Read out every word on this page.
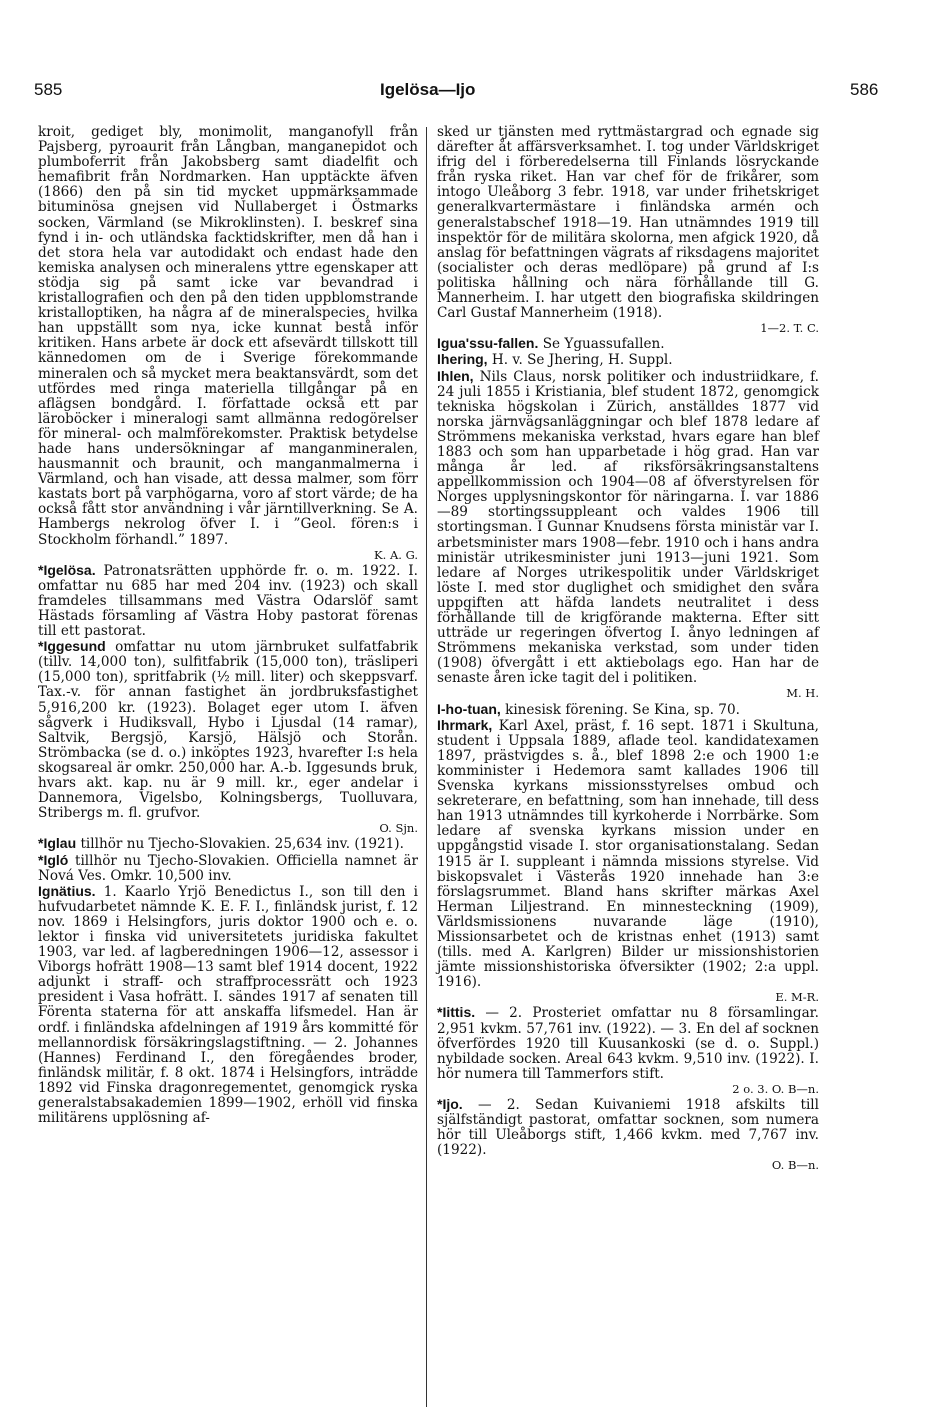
585	Igelösa—Ijo	586

kroit, gediget bly, monimolit, manganofyll från Pajsberg, pyroaurit från Långban, manganepidot och plumboferrit från Jakobsberg samt diadelfit och hemafibrit från Nordmarken. Han upptäckte äfven (1866) den på sin tid mycket uppmärksammade bituminösa gnejsen vid Nullaberget i Östmarks socken, Värmland (se Mikroklinsten). I. beskref sina fynd i in- och utländska facktidskrifter, men då han i det stora hela var autodidakt och endast hade den kemiska analysen och mineralens yttre egenskaper att stödja sig på samt icke var bevandrad i kristallografien och den på den tiden uppblomstrande kristalloptiken, ha några af de mineralspecies, hvilka han uppställt som nya, icke kunnat bestå inför kritiken. Hans arbete är dock ett afsevärdt tillskott till kännedomen om de i Sverige förekommande mineralen och så mycket mera beaktansvärdt, som det utfördes med ringa materiella tillgångar på en aflägsen bondgård. I. författade också ett par läroböcker i mineralogi samt allmänna redogörelser för mineral- och malmförekomster. Praktisk betydelse hade hans undersökningar af manganmineralen, hausmannit och braunit, och manganmalmerna i Värmland, och han visade, att dessa malmer, som förr kastats bort på varphögarna, voro af stort värde; de ha också fått stor användning i vår järntillverkning. Se A. Hambergs nekrolog öfver I. i ”Geol. fören:s i Stockholm förhandl.” 1897.
K. A. G.

*Igelösa. Patronatsrätten upphörde fr. o. m. 1922. I. omfattar nu 685 har med 204 inv. (1923) och skall framdeles tillsammans med Västra Odarslöf samt Hästads församling af Västra Hoby pastorat förenas till ett pastorat.

*Iggesund omfattar nu utom järnbruket sulfatfabrik (tillv. 14,000 ton), sulfitfabrik (15,000 ton), träsliperi (15,000 ton), spritfabrik (½ mill. liter) och skeppsvarf. Tax.-v. för annan fastighet än jordbruksfastighet 5,916,200 kr. (1923). Bolaget eger utom I. äfven sågverk i Hudiksvall, Hybo i Ljusdal (14 ramar), Saltvik, Bergsjö, Karsjö, Hälsjö och Storån. Strömbacka (se d. o.) inköptes 1923, hvarefter I:s hela skogsareal är omkr. 250,000 har. A.-b. Iggesunds bruk, hvars akt. kap. nu är 9 mill. kr., eger andelar i Dannemora, Vigelsbo, Kolningsbergs, Tuolluvara, Stribergs m. fl. grufvor.
O. Sjn.

*Iglau tillhör nu Tjecho-Slovakien. 25,634 inv. (1921).

*Igló tillhör nu Tjecho-Slovakien. Officiella namnet är Nová Ves. Omkr. 10,500 inv.

Ignätius. 1. Kaarlo Yrjö Benedictus I., son till den i hufvudarbetet nämnde K. E. F. I., finländsk jurist, f. 12 nov. 1869 i Helsingfors, juris doktor 1900 och e. o. lektor i finska vid universitetets juridiska fakultet 1903, var led. af lagberedningen 1906—12, assessor i Viborgs hofrätt 1908—13 samt blef 1914 docent, 1922 adjunkt i straff- och straffprocessrätt och 1923 president i Vasa hofrätt. I. sändes 1917 af senaten till Förenta staterna för att anskaffa lifsmedel. Han är ordf. i finländska afdelningen af 1919 års kommitté för mellannordisk försäkringslagstiftning. — 2. Johannes (Hannes) Ferdinand I., den föregåendes broder, finländsk militär, f. 8 okt. 1874 i Helsingfors, inträdde 1892 vid Finska dragonregementet, genomgick ryska generalstabsakademien 1899—1902, erhöll vid finska militärens upplösning af-

sked ur tjänsten med ryttmästargrad och egnade sig därefter åt affärsverksamhet. I. tog under Världskriget ifrig del i förberedelserna till Finlands lösryckande från ryska riket. Han var chef för de frikårer, som intogo Uleåborg 3 febr. 1918, var under frihetskriget generalkvartermästare i finländska armén och generalstabschef 1918—19. Han utnämndes 1919 till inspektör för de militära skolorna, men afgick 1920, då anslag för befattningen vägrats af riksdagens majoritet (socialister och deras medlöpare) på grund af I:s politiska hållning och nära förhållande till G. Mannerheim. I. har utgett den biografiska skildringen Carl Gustaf Mannerheim (1918).
1—2. T. C.

Igua'ssu-fallen. Se Yguassufallen.

Ihering, H. v. Se Jhering, H. Suppl.

Ihlen, Nils Claus, norsk politiker och industriidkare, f. 24 juli 1855 i Kristiania, blef student 1872, genomgick tekniska högskolan i Zürich, anställdes 1877 vid norska järnvägsanläggningar och blef 1878 ledare af Strömmens mekaniska verkstad, hvars egare han blef 1883 och som han upparbetade i hög grad. Han var många år led. af riksförsäkringsanstaltens appellkommission och 1904—08 af öfverstyrelsen för Norges upplysningskontor för näringarna. I. var 1886—89 stortingssuppleant och valdes 1906 till stortingsman. I Gunnar Knudsens första ministär var I. arbetsminister mars 1908—febr. 1910 och i hans andra ministär utrikesminister juni 1913—juni 1921. Som ledare af Norges utrikespolitik under Världskriget löste I. med stor duglighet och smidighet den svåra uppgiften att häfda landets neutralitet i dess förhållande till de krigförande makterna. Efter sitt utträde ur regeringen öfvertog I. ånyo ledningen af Strömmens mekaniska verkstad, som under tiden (1908) öfvergått i ett aktiebolags ego. Han har de senaste åren icke tagit del i politiken.
M. H.

I-ho-tuan, kinesisk förening. Se Kina, sp. 70.

Ihrmark, Karl Axel, präst, f. 16 sept. 1871 i Skultuna, student i Uppsala 1889, aflade teol. kandidatexamen 1897, prästvigdes s. å., blef 1898 2:e och 1900 1:e komminister i Hedemora samt kallades 1906 till Svenska kyrkans missionsstyrelses ombud och sekreterare, en befattning, som han innehade, till dess han 1913 utnämndes till kyrkoherde i Norrbärke. Som ledare af svenska kyrkans mission under en uppgångstid visade I. stor organisationstalang. Sedan 1915 är I. suppleant i nämnda missions styrelse. Vid biskopsvalet i Västerås 1920 innehade han 3:e förslagsrummet. Bland hans skrifter märkas Axel Herman Liljestrand. En minnesteckning (1909), Världsmissionens nuvarande läge (1910), Missionsarbetet och de kristnas enhet (1913) samt (tills. med A. Karlgren) Bilder ur missionshistorien jämte missionshistoriska öfversikter (1902; 2:a uppl. 1916).
E. M-R.

*Iittis. — 2. Prosteriet omfattar nu 8 församlingar. 2,951 kvkm. 57,761 inv. (1922). — 3. En del af socknen öfverfördes 1920 till Kuusankoski (se d. o. Suppl.) nybildade socken. Areal 643 kvkm. 9,510 inv. (1922). I. hör numera till Tammerfors stift.
2 o. 3. O. B—n.

*Ijo. — 2. Sedan Kuivaniemi 1918 afskilts till själfständigt pastorat, omfattar socknen, som numera hör till Uleåborgs stift, 1,466 kvkm. med 7,767 inv. (1922).
O. B—n.
